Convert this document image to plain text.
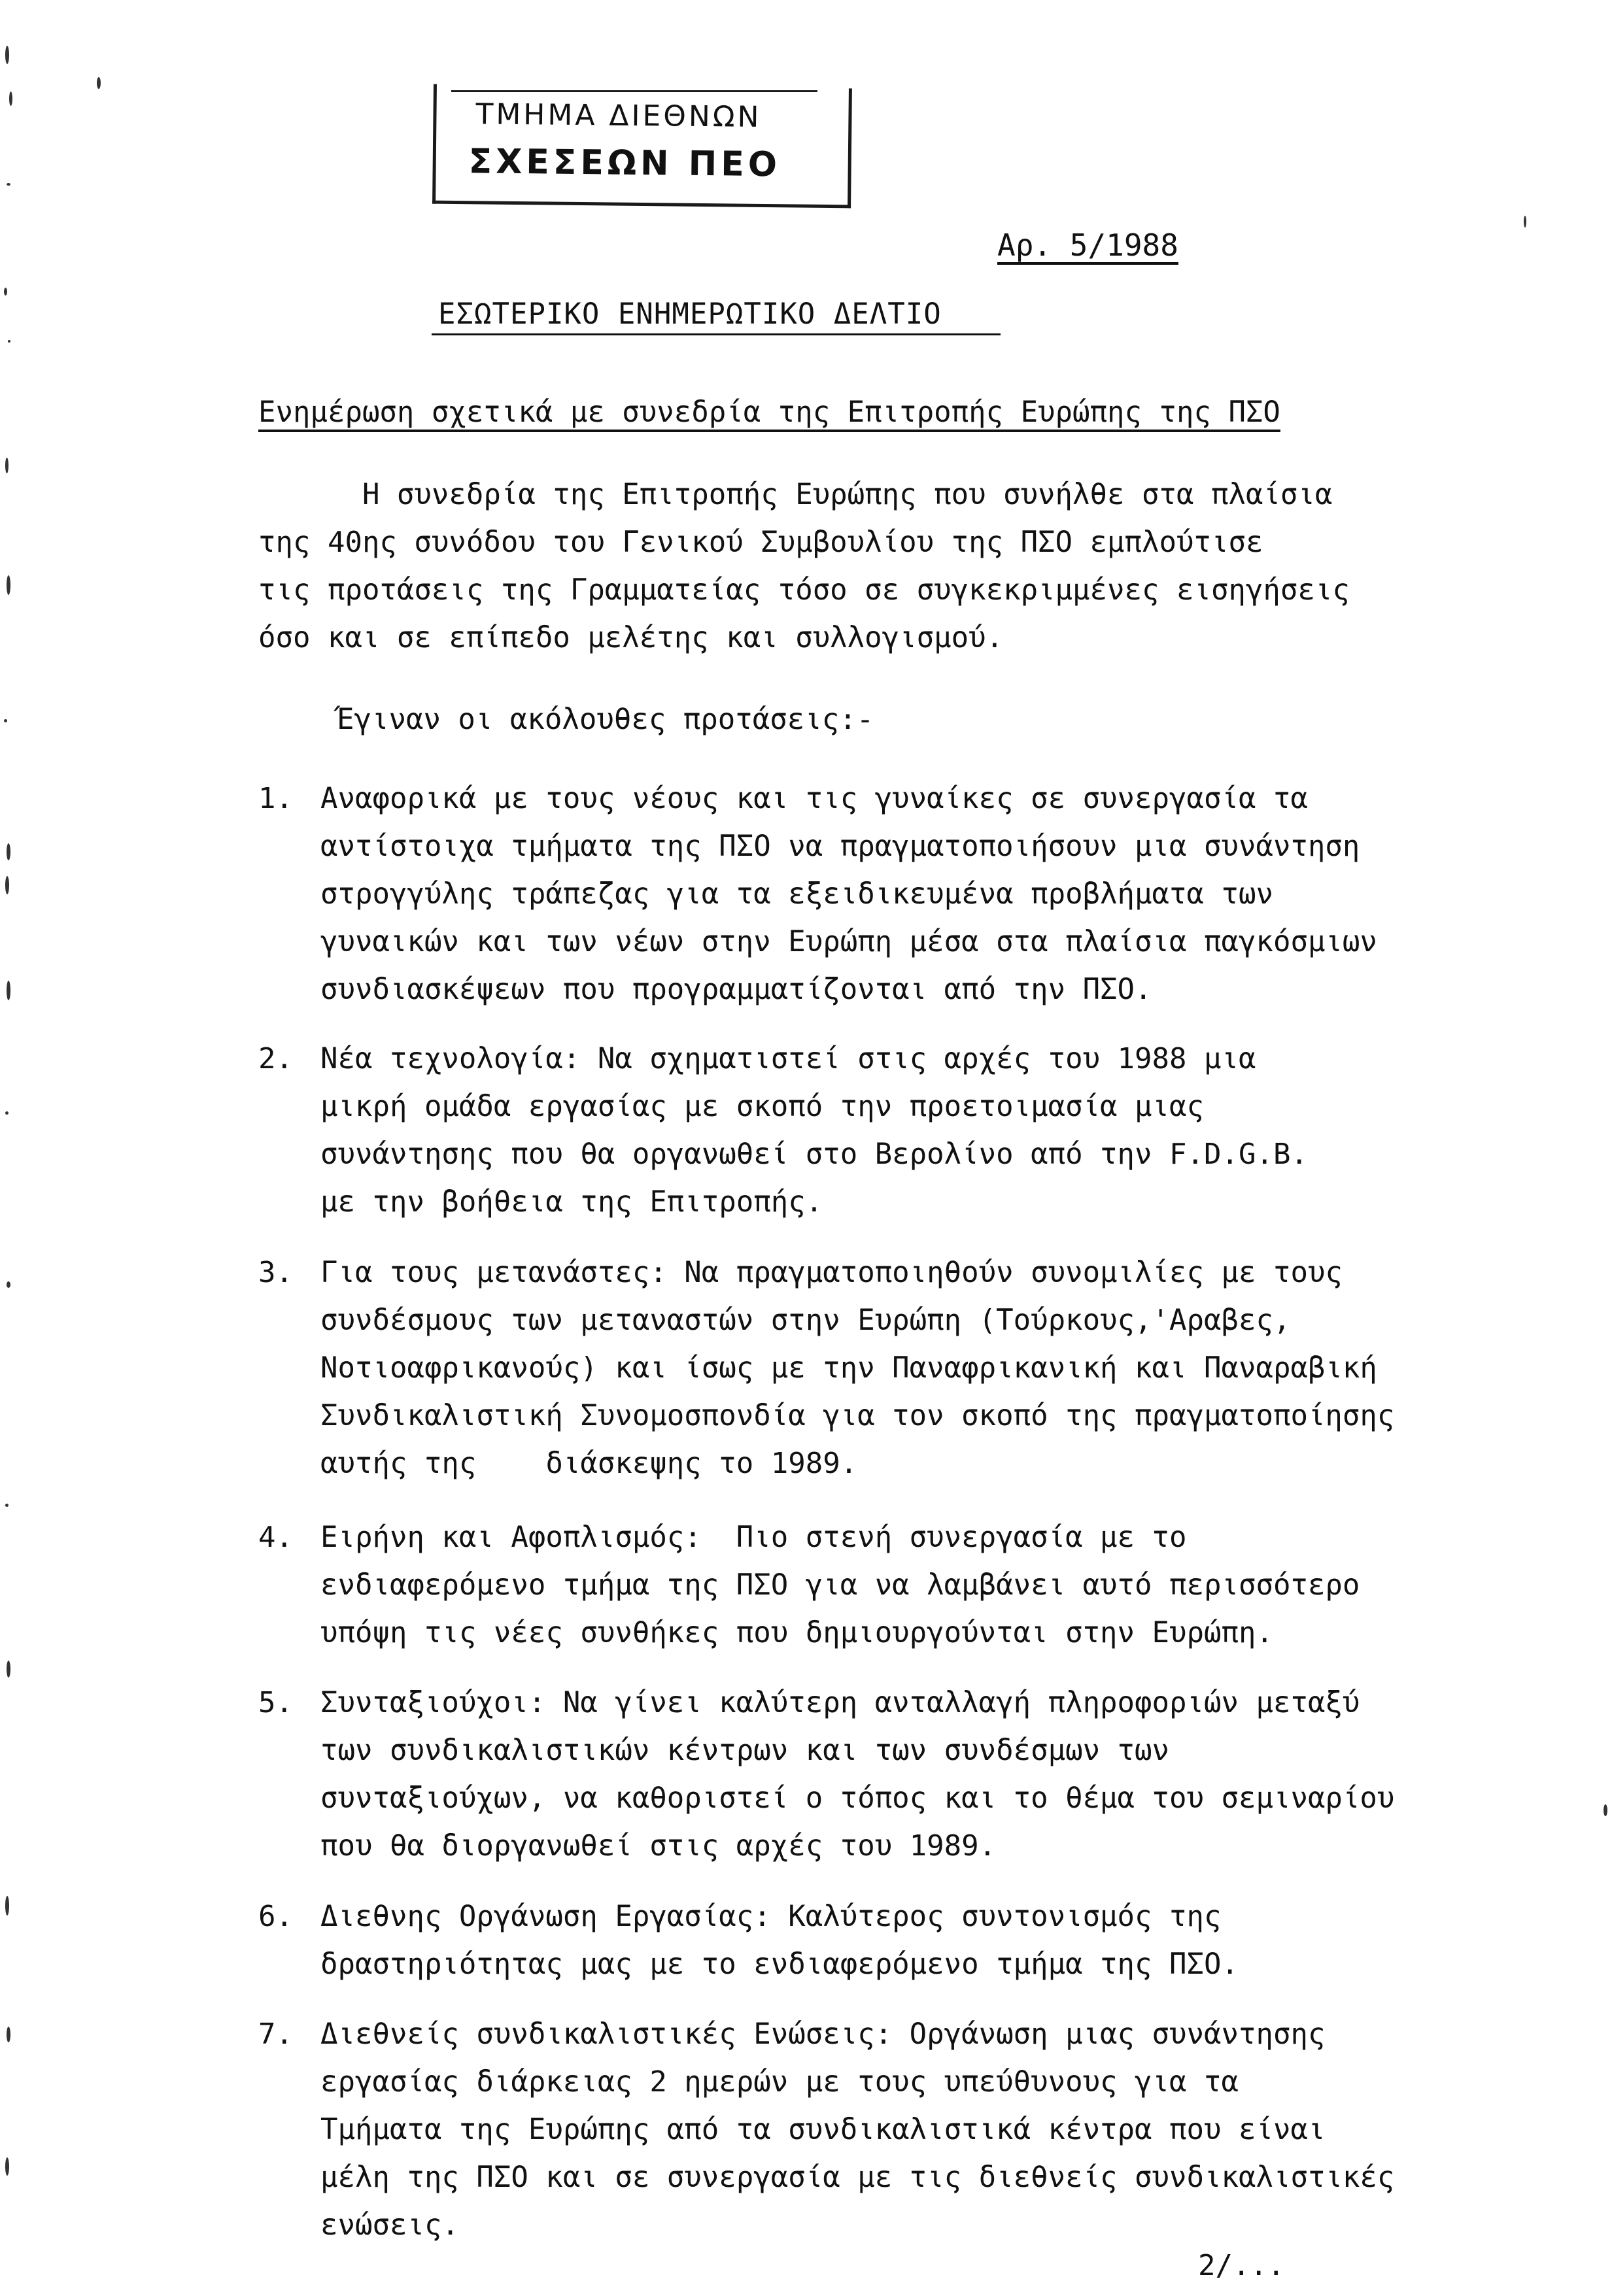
ΤΜΗΜΑ ΔΙΕΘΝΩΝ
ΣΧΕΣΕΩΝ ΠΕΟ
Αρ. 5/1988
ΕΣΩΤΕΡΙΚΟ ΕΝΗΜΕΡΩΤΙΚΟ ΔΕΛΤΙΟ
Ενημέρωση σχετικά με συνεδρία της Επιτροπής Ευρώπης της ΠΣΟ
Η συνεδρία της Επιτροπής Ευρώπης που συνήλθε στα πλαίσια
της 40ης συνόδου του Γενικού Συμβουλίου της ΠΣΟ εμπλούτισε
τις προτάσεις της Γραμματείας τόσο σε συγκεκριμμένες εισηγήσεις
όσο και σε επίπεδο μελέτης και συλλογισμού.
Έγιναν οι ακόλουθες προτάσεις:-
1. Αναφορικά με τους νέους και τις γυναίκες σε συνεργασία τα
αντίστοιχα τμήματα της ΠΣΟ να πραγματοποιήσουν μια συνάντηση
στρογγύλης τράπεζας για τα εξειδικευμένα προβλήματα των
γυναικών και των νέων στην Ευρώπη μέσα στα πλαίσια παγκόσμιων
συνδιασκέψεων που προγραμματίζονται από την ΠΣΟ.
2. Νέα τεχνολογία: Να σχηματιστεί στις αρχές του 1988 μια
μικρή ομάδα εργασίας με σκοπό την προετοιμασία μιας
συνάντησης που θα οργανωθεί στο Βερολίνο από την F.D.G.B.
με την βοήθεια της Επιτροπής.
3. Για τους μετανάστες: Να πραγματοποιηθούν συνομιλίες με τους
συνδέσμους των μεταναστών στην Ευρώπη (Τούρκους,'Αραβες,
Νοτιοαφρικανούς) και ίσως με την Παναφρικανική και Παναραβική
Συνδικαλιστική Συνομοσπονδία για τον σκοπό της πραγματοποίησης
αυτής της    διάσκεψης το 1989.
4. Ειρήνη και Αφοπλισμός:  Πιο στενή συνεργασία με το
ενδιαφερόμενο τμήμα της ΠΣΟ για να λαμβάνει αυτό περισσότερο
υπόψη τις νέες συνθήκες που δημιουργούνται στην Ευρώπη.
5. Συνταξιούχοι: Να γίνει καλύτερη ανταλλαγή πληροφοριών μεταξύ
των συνδικαλιστικών κέντρων και των συνδέσμων των
συνταξιούχων, να καθοριστεί ο τόπος και το θέμα του σεμιναρίου
που θα διοργανωθεί στις αρχές του 1989.
6. Διεθνης Οργάνωση Εργασίας: Καλύτερος συντονισμός της
δραστηριότητας μας με το ενδιαφερόμενο τμήμα της ΠΣΟ.
7. Διεθνείς συνδικαλιστικές Ενώσεις: Οργάνωση μιας συνάντησης
εργασίας διάρκειας 2 ημερών με τους υπεύθυνους για τα
Τμήματα της Ευρώπης από τα συνδικαλιστικά κέντρα που είναι
μέλη της ΠΣΟ και σε συνεργασία με τις διεθνείς συνδικαλιστικές
ενώσεις.
2/...
